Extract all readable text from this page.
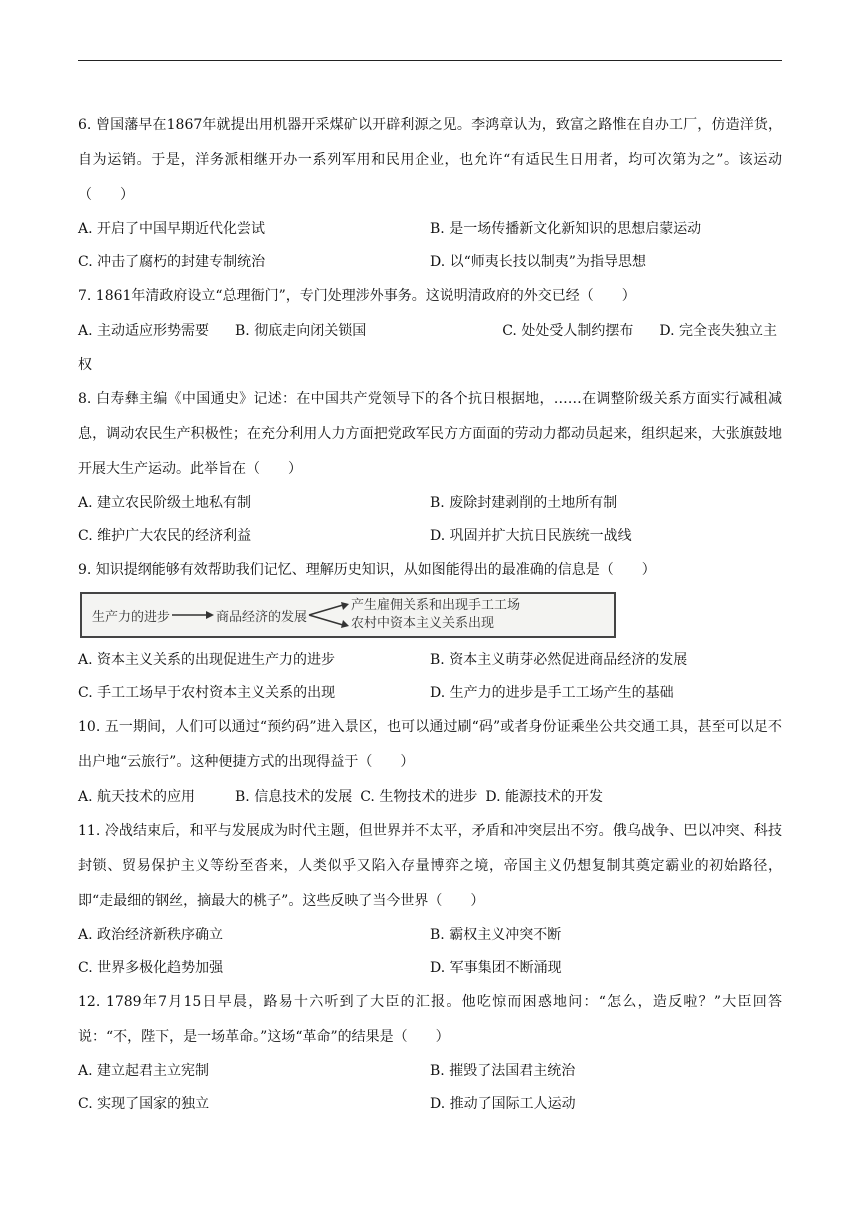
6. 曾国藩早在1867年就提出用机器开采煤矿以开辟利源之见。李鸿章认为，致富之路惟在自办工厂，仿造洋货，自为运销。于是，洋务派相继开办一系列军用和民用企业，也允许“有适民生日用者，均可次第为之”。该运动（　　）

A. 开启了中国早期近代化尝试	B. 是一场传播新文化新知识的思想启蒙运动
C. 冲击了腐朽的封建专制统治	D. 以“师夷长技以制夷”为指导思想

7. 1861年清政府设立“总理衙门”，专门处理涉外事务。这说明清政府的外交已经（　　）

A. 主动适应形势需要 B. 彻底走向闭关锁国	C. 处处受人制约摆布 D. 完全丧失独立主权

8. 白寿彝主编《中国通史》记述：在中国共产党领导下的各个抗日根据地，……在调整阶级关系方面实行减租减息，调动农民生产积极性；在充分利用人力方面把党政军民方方面面的劳动力都动员起来，组织起来，大张旗鼓地开展大生产运动。此举旨在（　　）

A. 建立农民阶级土地私有制	B. 废除封建剥削的土地所有制
C. 维护广大农民的经济利益	D. 巩固并扩大抗日民族统一战线

9. 知识提纲能够有效帮助我们记忆、理解历史知识，从如图能得出的最准确的信息是（　　）

生产力的进步	商品经济的发展
产生雇佣关系和出现手工工场
农村中资本主义关系出现
A. 资本主义关系的出现促进生产力的进步	B. 资本主义萌芽必然促进商品经济的发展
C. 手工工场早于农村资本主义关系的出现	D. 生产力的进步是手工工场产生的基础

10. 五一期间，人们可以通过“预约码”进入景区，也可以通过刷“码”或者身份证乘坐公共交通工具，甚至可以足不出户地“云旅行”。这种便捷方式的出现得益于（　　）

A. 航天技术的应用	B. 信息技术的发展 C. 生物技术的进步 D. 能源技术的开发

11. 冷战结束后，和平与发展成为时代主题，但世界并不太平，矛盾和冲突层出不穷。俄乌战争、巴以冲突、科技封锁、贸易保护主义等纷至沓来，人类似乎又陷入存量博弈之境，帝国主义仍想复制其奠定霸业的初始路径，即“走最细的钢丝，摘最大的桃子”。这些反映了当今世界（　　）

A. 政治经济新秩序确立	B. 霸权主义冲突不断
C. 世界多极化趋势加强	D. 军事集团不断涌现

12. 1789年7月15日早晨，路易十六听到了大臣的汇报。他吃惊而困惑地问：“怎么，造反啦？”大臣回答说：“不，陛下，是一场革命。”这场“革命”的结果是（　　）

A. 建立起君主立宪制	B. 摧毁了法国君主统治
C. 实现了国家的独立	D. 推动了国际工人运动
